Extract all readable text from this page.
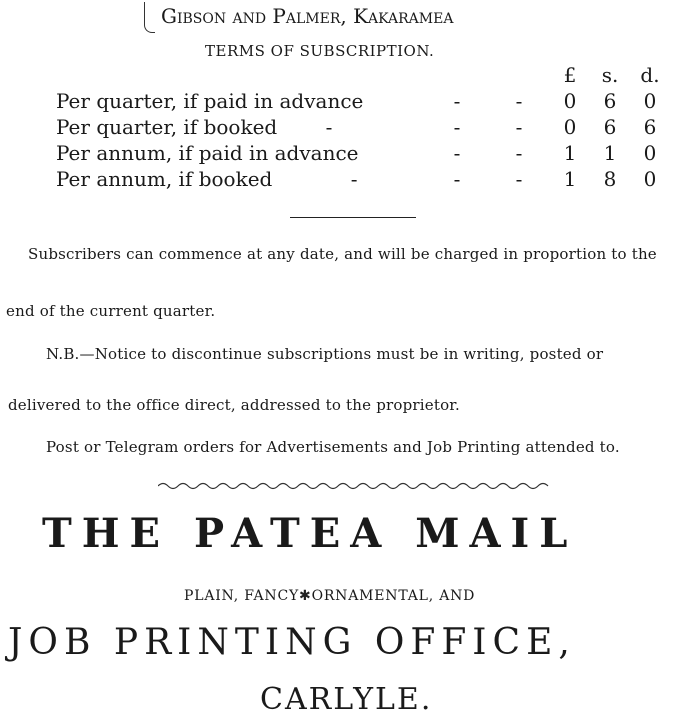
Gibson and Palmer, Kakaramea
TERMS OF SUBSCRIPTION.
			£	s.	d.
Per quarter, if paid in advance	-	-	0	6	0
Per quarter, if booked -	-	-	0	6	6
Per annum, if paid in advance	-	-	1	1	0
Per annum, if booked -	-	-	1	8	0
Subscribers can commence at any date, and will be charged in proportion to the
end of the current quarter.
N.B.—Notice to discontinue subscriptions must be in writing, posted or
delivered to the office direct, addressed to the proprietor.
Post or Telegram orders for Advertisements and Job Printing attended to.
THE PATEA MAIL
PLAIN, FANCY✱ORNAMENTAL, AND
JOB PRINTING OFFICE,
CARLYLE.
